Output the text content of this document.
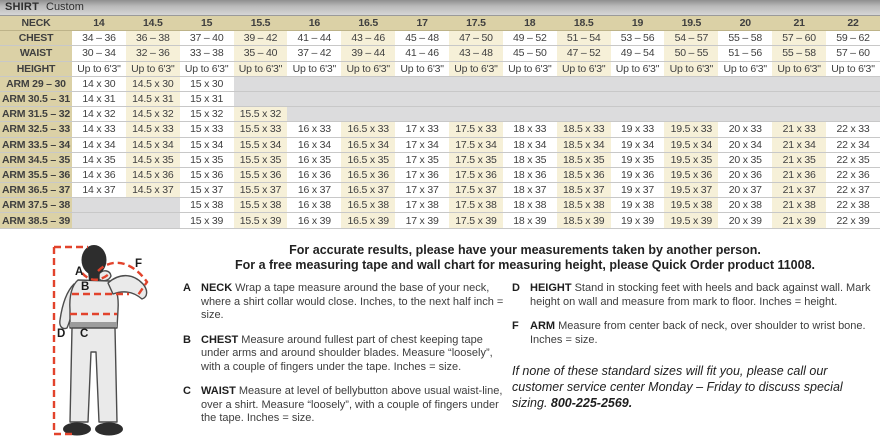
SHIRT Custom
NECK	14	14.5	15	15.5	16	16.5	17	17.5	18	18.5	19	19.5	20	21	22
CHEST	34 – 36	36 – 38	37 – 40	39 – 42	41 – 44	43 – 46	45 – 48	47 – 50	49 – 52	51 – 54	53 – 56	54 – 57	55 – 58	57 – 60	59 – 62
WAIST	30 – 34	32 – 36	33 – 38	35 – 40	37 – 42	39 – 44	41 – 46	43 – 48	45 – 50	47 – 52	49 – 54	50 – 55	51 – 56	55 – 58	57 – 60
HEIGHT	Up to 6'3"	Up to 6'3"	Up to 6'3"	Up to 6'3"	Up to 6'3"	Up to 6'3"	Up to 6'3"	Up to 6'3"	Up to 6'3"	Up to 6'3"	Up to 6'3"	Up to 6'3"	Up to 6'3"	Up to 6'3"	Up to 6'3"
ARM 29 – 30	14 x 30	14.5 x 30	15 x 30												
ARM 30.5 – 31	14 x 31	14.5 x 31	15 x 31												
ARM 31.5 – 32	14 x 32	14.5 x 32	15 x 32	15.5 x 32											
ARM 32.5 – 33	14 x 33	14.5 x 33	15 x 33	15.5 x 33	16 x 33	16.5 x 33	17 x 33	17.5 x 33	18 x 33	18.5 x 33	19 x 33	19.5 x 33	20 x 33	21 x 33	22 x 33
ARM 33.5 – 34	14 x 34	14.5 x 34	15 x 34	15.5 x 34	16 x 34	16.5 x 34	17 x 34	17.5 x 34	18 x 34	18.5 x 34	19 x 34	19.5 x 34	20 x 34	21 x 34	22 x 34
ARM 34.5 – 35	14 x 35	14.5 x 35	15 x 35	15.5 x 35	16 x 35	16.5 x 35	17 x 35	17.5 x 35	18 x 35	18.5 x 35	19 x 35	19.5 x 35	20 x 35	21 x 35	22 x 35
ARM 35.5 – 36	14 x 36	14.5 x 36	15 x 36	15.5 x 36	16 x 36	16.5 x 36	17 x 36	17.5 x 36	18 x 36	18.5 x 36	19 x 36	19.5 x 36	20 x 36	21 x 36	22 x 36
ARM 36.5 – 37	14 x 37	14.5 x 37	15 x 37	15.5 x 37	16 x 37	16.5 x 37	17 x 37	17.5 x 37	18 x 37	18.5 x 37	19 x 37	19.5 x 37	20 x 37	21 x 37	22 x 37
ARM 37.5 – 38			15 x 38	15.5 x 38	16 x 38	16.5 x 38	17 x 38	17.5 x 38	18 x 38	18.5 x 38	19 x 38	19.5 x 38	20 x 38	21 x 38	22 x 38
ARM 38.5 – 39			15 x 39	15.5 x 39	16 x 39	16.5 x 39	17 x 39	17.5 x 39	18 x 39	18.5 x 39	19 x 39	19.5 x 39	20 x 39	21 x 39	22 x 39
A
B
C
D
F
For accurate results, please have your measurements taken by another person.
For a free measuring tape and wall chart for measuring height, please Quick Order product 11008.
A NECK Wrap a tape measure around the base of your neck, where a shirt collar would close. Inches, to the next half inch = size.
B CHEST Measure around fullest part of chest keeping tape under arms and around shoulder blades. Measure “loosely”, with a couple of fingers under the tape. Inches = size.
C WAIST Measure at level of bellybutton above usual waist-line, over a shirt. Measure “loosely”, with a couple of fingers under the tape. Inches = size.
D HEIGHT Stand in stocking feet with heels and back against wall. Mark height on wall and measure from mark to floor. Inches = height.
F	ARM Measure from center back of neck, over shoulder to wrist bone. Inches = size.
If none of these standard sizes will fit you, please call our customer service center Monday – Friday to discuss special sizing. 800-225-2569.
